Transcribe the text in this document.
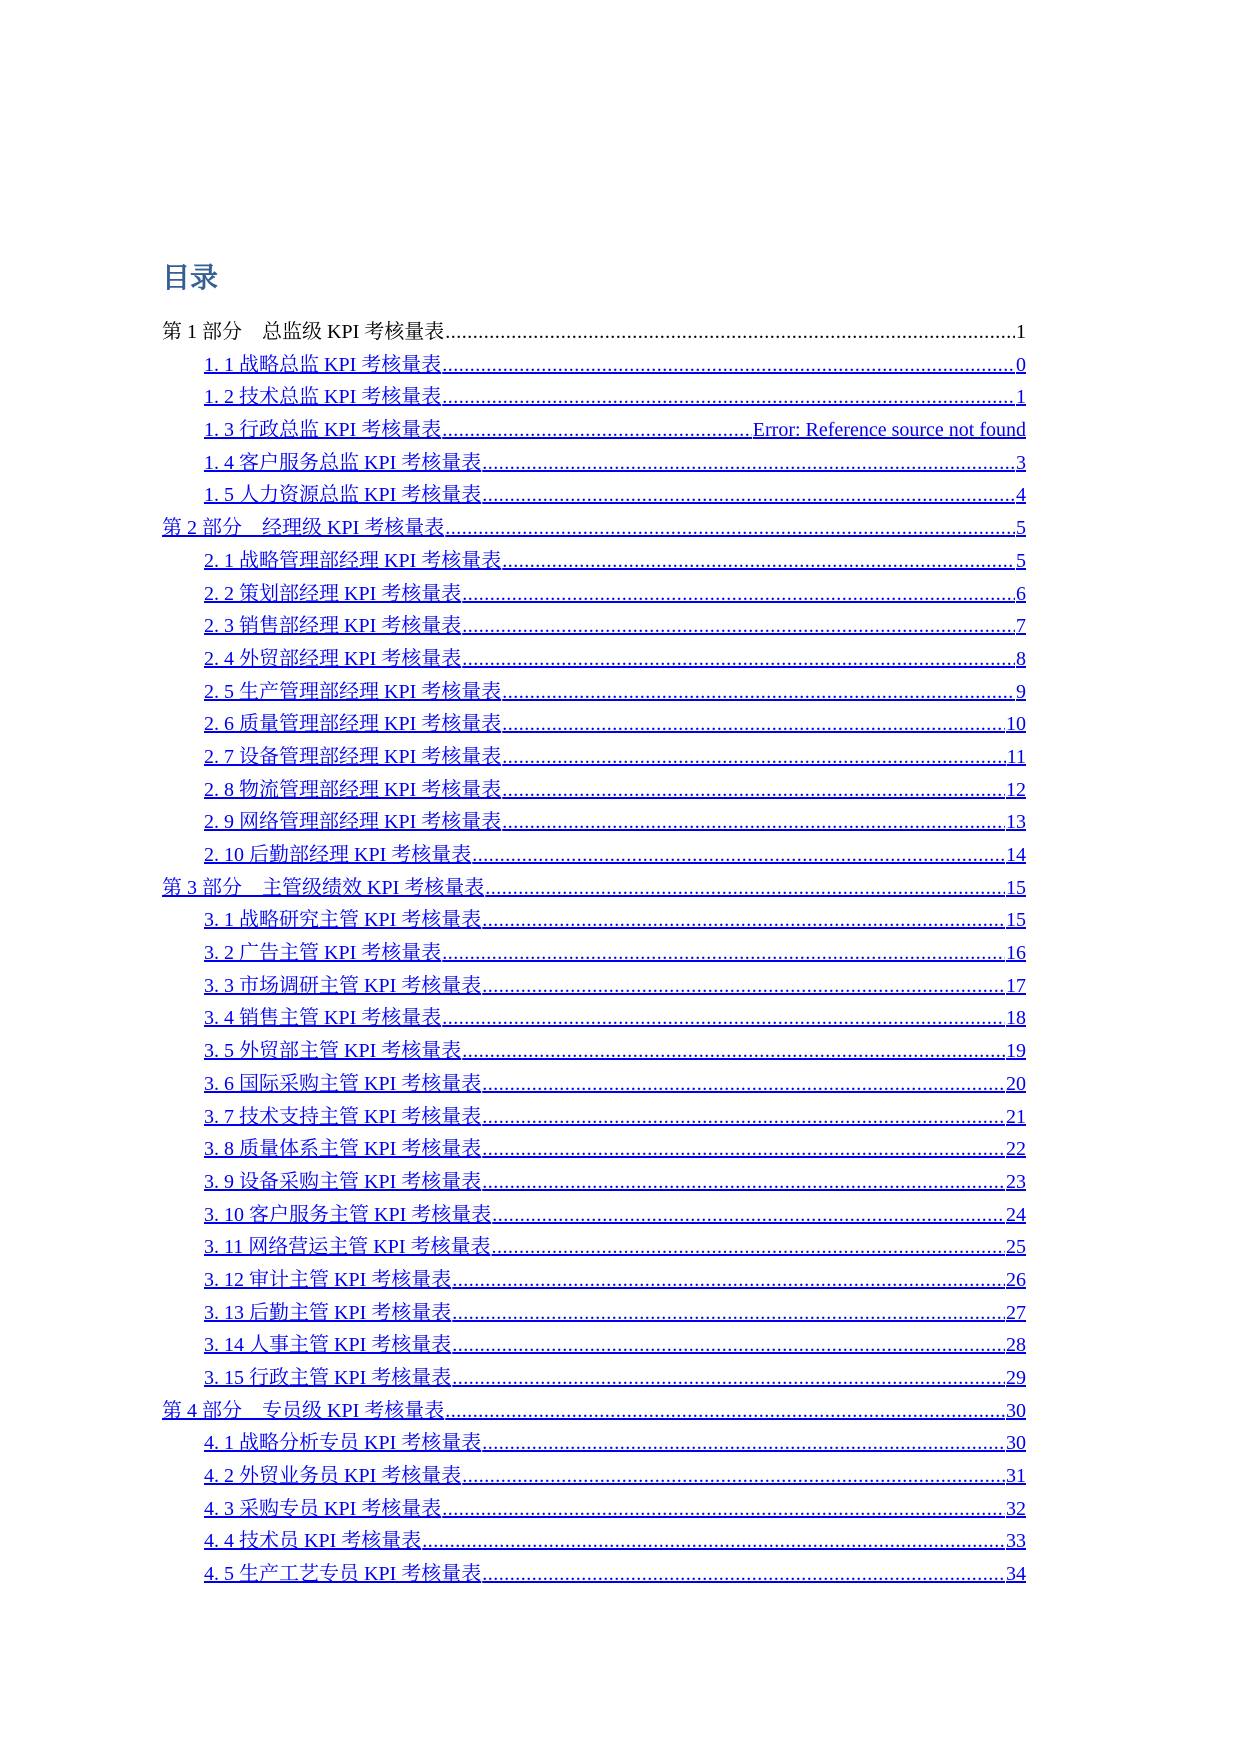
目录
第 1 部分　总监级 KPI 考核量表 .....	1
1. 1 战略总监 KPI 考核量表 .....	0
1. 2 技术总监 KPI 考核量表 .....	1
1. 3 行政总监 KPI 考核量表 .....	Error: Reference source not found
1. 4 客户服务总监 KPI 考核量表 .....	3
1. 5 人力资源总监 KPI 考核量表 .....	4
第 2 部分　经理级 KPI 考核量表 .....	5
2. 1 战略管理部经理 KPI 考核量表 .....	5
2. 2 策划部经理 KPI 考核量表 .....	6
2. 3 销售部经理 KPI 考核量表 .....	7
2. 4 外贸部经理 KPI 考核量表 .....	8
2. 5 生产管理部经理 KPI 考核量表 .....	9
2. 6 质量管理部经理 KPI 考核量表 .....	10
2. 7 设备管理部经理 KPI 考核量表 .....	11
2. 8 物流管理部经理 KPI 考核量表 .....	12
2. 9 网络管理部经理 KPI 考核量表 .....	13
2. 10 后勤部经理 KPI 考核量表 .....	14
第 3 部分　主管级绩效 KPI 考核量表 .....	15
3. 1 战略研究主管 KPI 考核量表 .....	15
3. 2 广告主管 KPI 考核量表 .....	16
3. 3 市场调研主管 KPI 考核量表 .....	17
3. 4 销售主管 KPI 考核量表 .....	18
3. 5 外贸部主管 KPI 考核量表 .....	19
3. 6 国际采购主管 KPI 考核量表 .....	20
3. 7 技术支持主管 KPI 考核量表 .....	21
3. 8 质量体系主管 KPI 考核量表 .....	22
3. 9 设备采购主管 KPI 考核量表 .....	23
3. 10 客户服务主管 KPI 考核量表 .....	24
3. 11 网络营运主管 KPI 考核量表 .....	25
3. 12 审计主管 KPI 考核量表 .....	26
3. 13 后勤主管 KPI 考核量表 .....	27
3. 14 人事主管 KPI 考核量表 .....	28
3. 15 行政主管 KPI 考核量表 .....	29
第 4 部分　专员级 KPI 考核量表 .....	30
4. 1 战略分析专员 KPI 考核量表 .....	30
4. 2 外贸业务员 KPI 考核量表 .....	31
4. 3 采购专员 KPI 考核量表 .....	32
4. 4 技术员 KPI 考核量表 .....	33
4. 5 生产工艺专员 KPI 考核量表 .....	34
